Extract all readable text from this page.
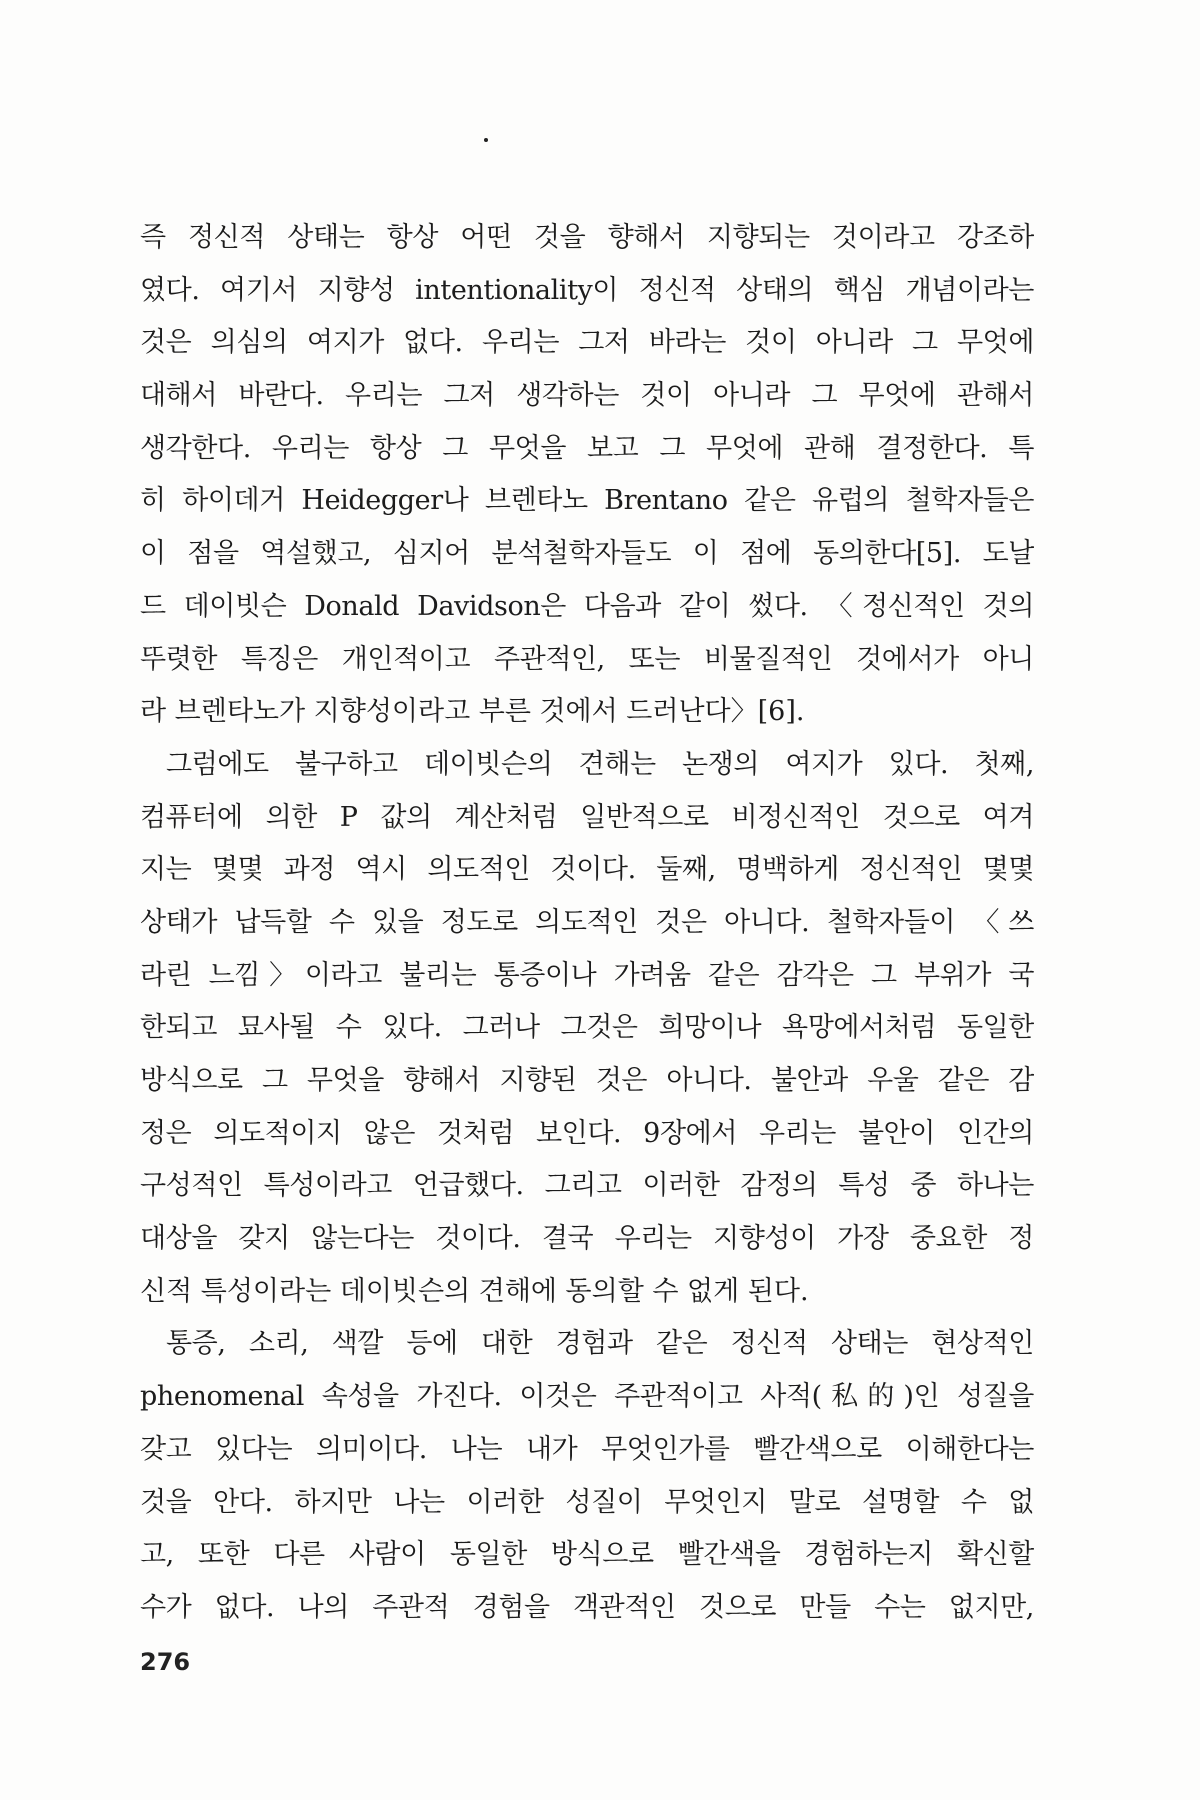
즉 정신적 상태는 항상 어떤 것을 향해서 지향되는 것이라고 강조하
였다. 여기서 지향성 intentionality이 정신적 상태의 핵심 개념이라는
것은 의심의 여지가 없다. 우리는 그저 바라는 것이 아니라 그 무엇에
대해서 바란다. 우리는 그저 생각하는 것이 아니라 그 무엇에 관해서
생각한다. 우리는 항상 그 무엇을 보고 그 무엇에 관해 결정한다. 특
히 하이데거 Heidegger나 브렌타노 Brentano 같은 유럽의 철학자들은
이 점을 역설했고, 심지어 분석철학자들도 이 점에 동의한다[5]. 도날
드 데이빗슨 Donald Davidson은 다음과 같이 썼다. 〈정신적인 것의
뚜렷한 특징은 개인적이고 주관적인, 또는 비물질적인 것에서가 아니
라 브렌타노가 지향성이라고 부른 것에서 드러난다〉[6].
그럼에도 불구하고 데이빗슨의 견해는 논쟁의 여지가 있다. 첫째,
컴퓨터에 의한 P 값의 계산처럼 일반적으로 비정신적인 것으로 여겨
지는 몇몇 과정 역시 의도적인 것이다. 둘째, 명백하게 정신적인 몇몇
상태가 납득할 수 있을 정도로 의도적인 것은 아니다. 철학자들이 〈쓰
라린 느낌〉이라고 불리는 통증이나 가려움 같은 감각은 그 부위가 국
한되고 묘사될 수 있다. 그러나 그것은 희망이나 욕망에서처럼 동일한
방식으로 그 무엇을 향해서 지향된 것은 아니다. 불안과 우울 같은 감
정은 의도적이지 않은 것처럼 보인다. 9장에서 우리는 불안이 인간의
구성적인 특성이라고 언급했다. 그리고 이러한 감정의 특성 중 하나는
대상을 갖지 않는다는 것이다. 결국 우리는 지향성이 가장 중요한 정
신적 특성이라는 데이빗슨의 견해에 동의할 수 없게 된다.
통증, 소리, 색깔 등에 대한 경험과 같은 정신적 상태는 현상적인
phenomenal 속성을 가진다. 이것은 주관적이고 사적(私的)인 성질을
갖고 있다는 의미이다. 나는 내가 무엇인가를 빨간색으로 이해한다는
것을 안다. 하지만 나는 이러한 성질이 무엇인지 말로 설명할 수 없
고, 또한 다른 사람이 동일한 방식으로 빨간색을 경험하는지 확신할
수가 없다. 나의 주관적 경험을 객관적인 것으로 만들 수는 없지만,
276
